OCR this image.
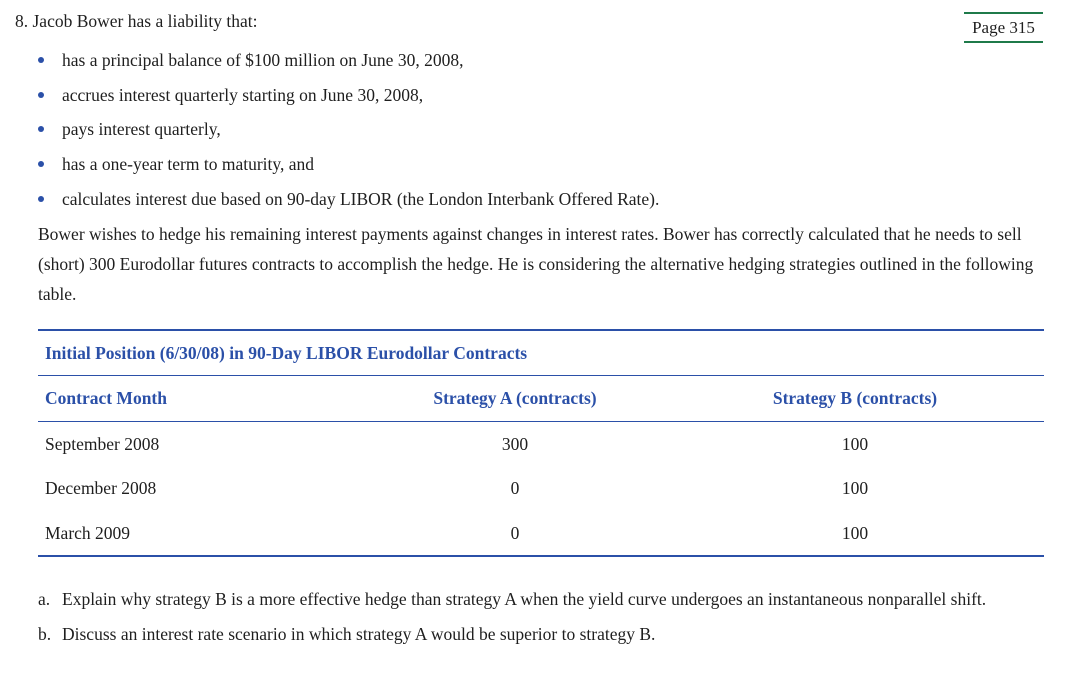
8. Jacob Bower has a liability that:	Page 315
has a principal balance of $100 million on June 30, 2008,
accrues interest quarterly starting on June 30, 2008,
pays interest quarterly,
has a one-year term to maturity, and
calculates interest due based on 90-day LIBOR (the London Interbank Offered Rate).

Bower wishes to hedge his remaining interest payments against changes in interest rates. Bower has correctly calculated that he needs to sell (short) 300 Eurodollar futures contracts to accomplish the hedge. He is considering the alternative hedging strategies outlined in the following table.

Initial Position (6/30/08) in 90-Day LIBOR Eurodollar Contracts
Contract Month	Strategy A (contracts)	Strategy B (contracts)
September 2008	300	100
December 2008	0	100
March 2009	0	100
a. Explain why strategy B is a more effective hedge than strategy A when the yield curve undergoes an instantaneous nonparallel shift.
b. Discuss an interest rate scenario in which strategy A would be superior to strategy B.
